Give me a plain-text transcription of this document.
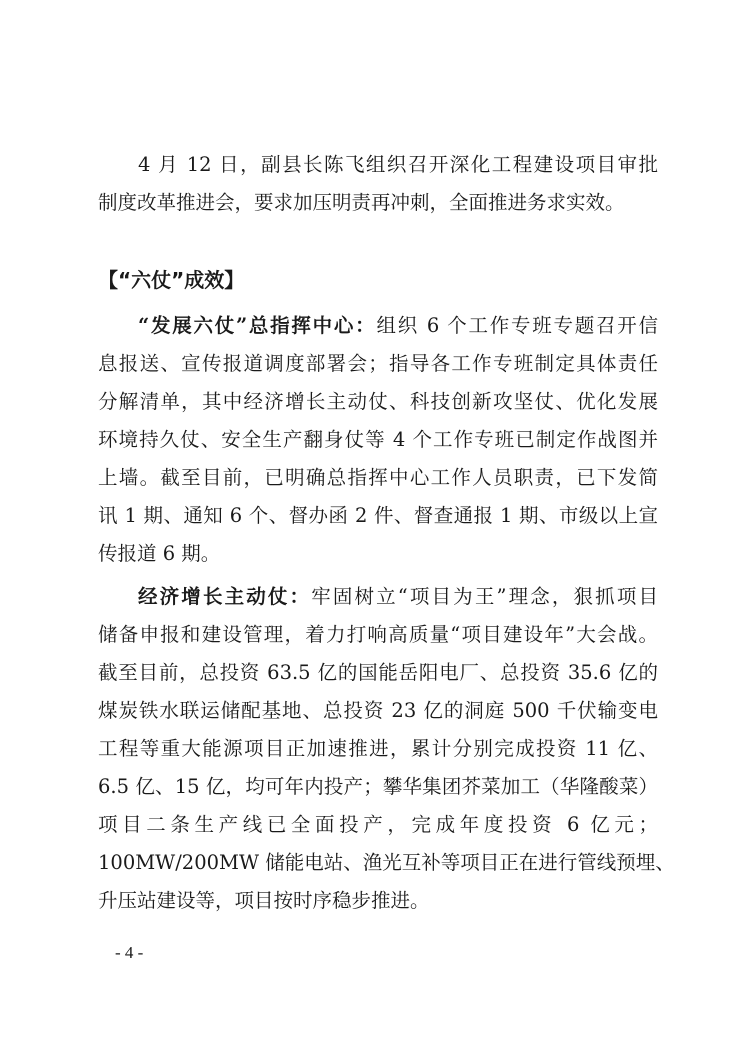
4 月 12 日，副县长陈飞组织召开深化工程建设项目审批
制度改革推进会，要求加压明责再冲刺，全面推进务求实效。
【“六仗”成效】
“发展六仗”总指挥中心：组织 6 个工作专班专题召开信
息报送、宣传报道调度部署会；指导各工作专班制定具体责任
分解清单，其中经济增长主动仗、科技创新攻坚仗、优化发展
环境持久仗、安全生产翻身仗等 4 个工作专班已制定作战图并
上墙。截至目前，已明确总指挥中心工作人员职责，已下发简
讯 1 期、通知 6 个、督办函 2 件、督查通报 1 期、市级以上宣
传报道 6 期。
经济增长主动仗：牢固树立“项目为王”理念，狠抓项目
储备申报和建设管理，着力打响高质量“项目建设年”大会战。
截至目前，总投资 63.5 亿的国能岳阳电厂、总投资 35.6 亿的
煤炭铁水联运储配基地、总投资 23 亿的洞庭 500 千伏输变电
工程等重大能源项目正加速推进，累计分别完成投资 11 亿、
6.5 亿、15 亿，均可年内投产；攀华集团芥菜加工（华隆酸菜）
项目二条生产线已全面投产，完成年度投资 6 亿元；
100MW/200MW 储能电站、渔光互补等项目正在进行管线预埋、
- 4 -
升压站建设等，项目按时序稳步推进。
